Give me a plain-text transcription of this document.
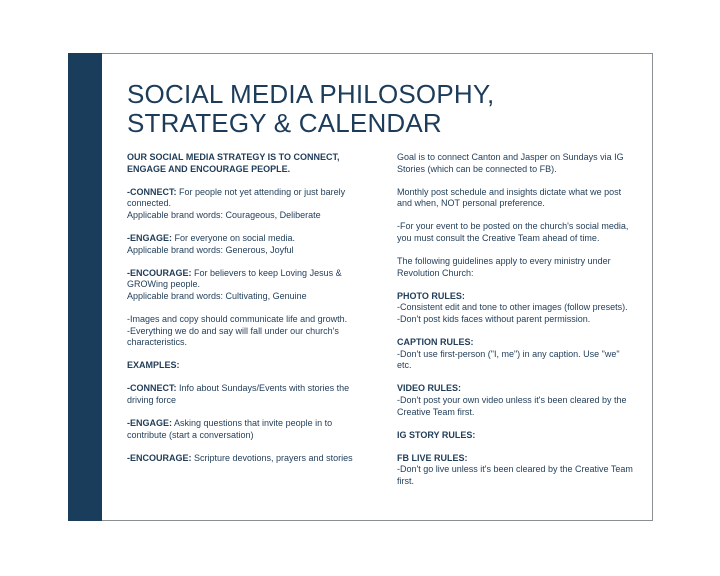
SOCIAL MEDIA PHILOSOPHY, STRATEGY & CALENDAR

OUR SOCIAL MEDIA STRATEGY IS TO CONNECT, ENGAGE AND ENCOURAGE PEOPLE.

-CONNECT: For people not yet attending or just barely connected.

Applicable brand words: Courageous, Deliberate

-ENGAGE: For everyone on social media.

Applicable brand words: Generous, Joyful

-ENCOURAGE: For believers to keep Loving Jesus & GROWing people.

Applicable brand words: Cultivating, Genuine

-Images and copy should communicate life and growth.

-Everything we do and say will fall under our church's characteristics.

EXAMPLES:

-CONNECT: Info about Sundays/Events with stories the driving force

-ENGAGE: Asking questions that invite people in to contribute (start a conversation)

-ENCOURAGE: Scripture devotions, prayers and stories

Goal is to connect Canton and Jasper on Sundays via IG Stories (which can be connected to FB).

Monthly post schedule and insights dictate what we post and when, NOT personal preference.

-For your event to be posted on the church's social media, you must consult the Creative Team ahead of time.

The following guidelines apply to every ministry under Revolution Church:

PHOTO RULES:

-Consistent edit and tone to other images (follow presets).

-Don't post kids faces without parent permission.

CAPTION RULES:

-Don't use first-person ("I, me") in any caption. Use "we" etc.

VIDEO RULES:

-Don't post your own video unless it's been cleared by the Creative Team first.

IG STORY RULES:

FB LIVE RULES:

-Don't go live unless it's been cleared by the Creative Team first.
